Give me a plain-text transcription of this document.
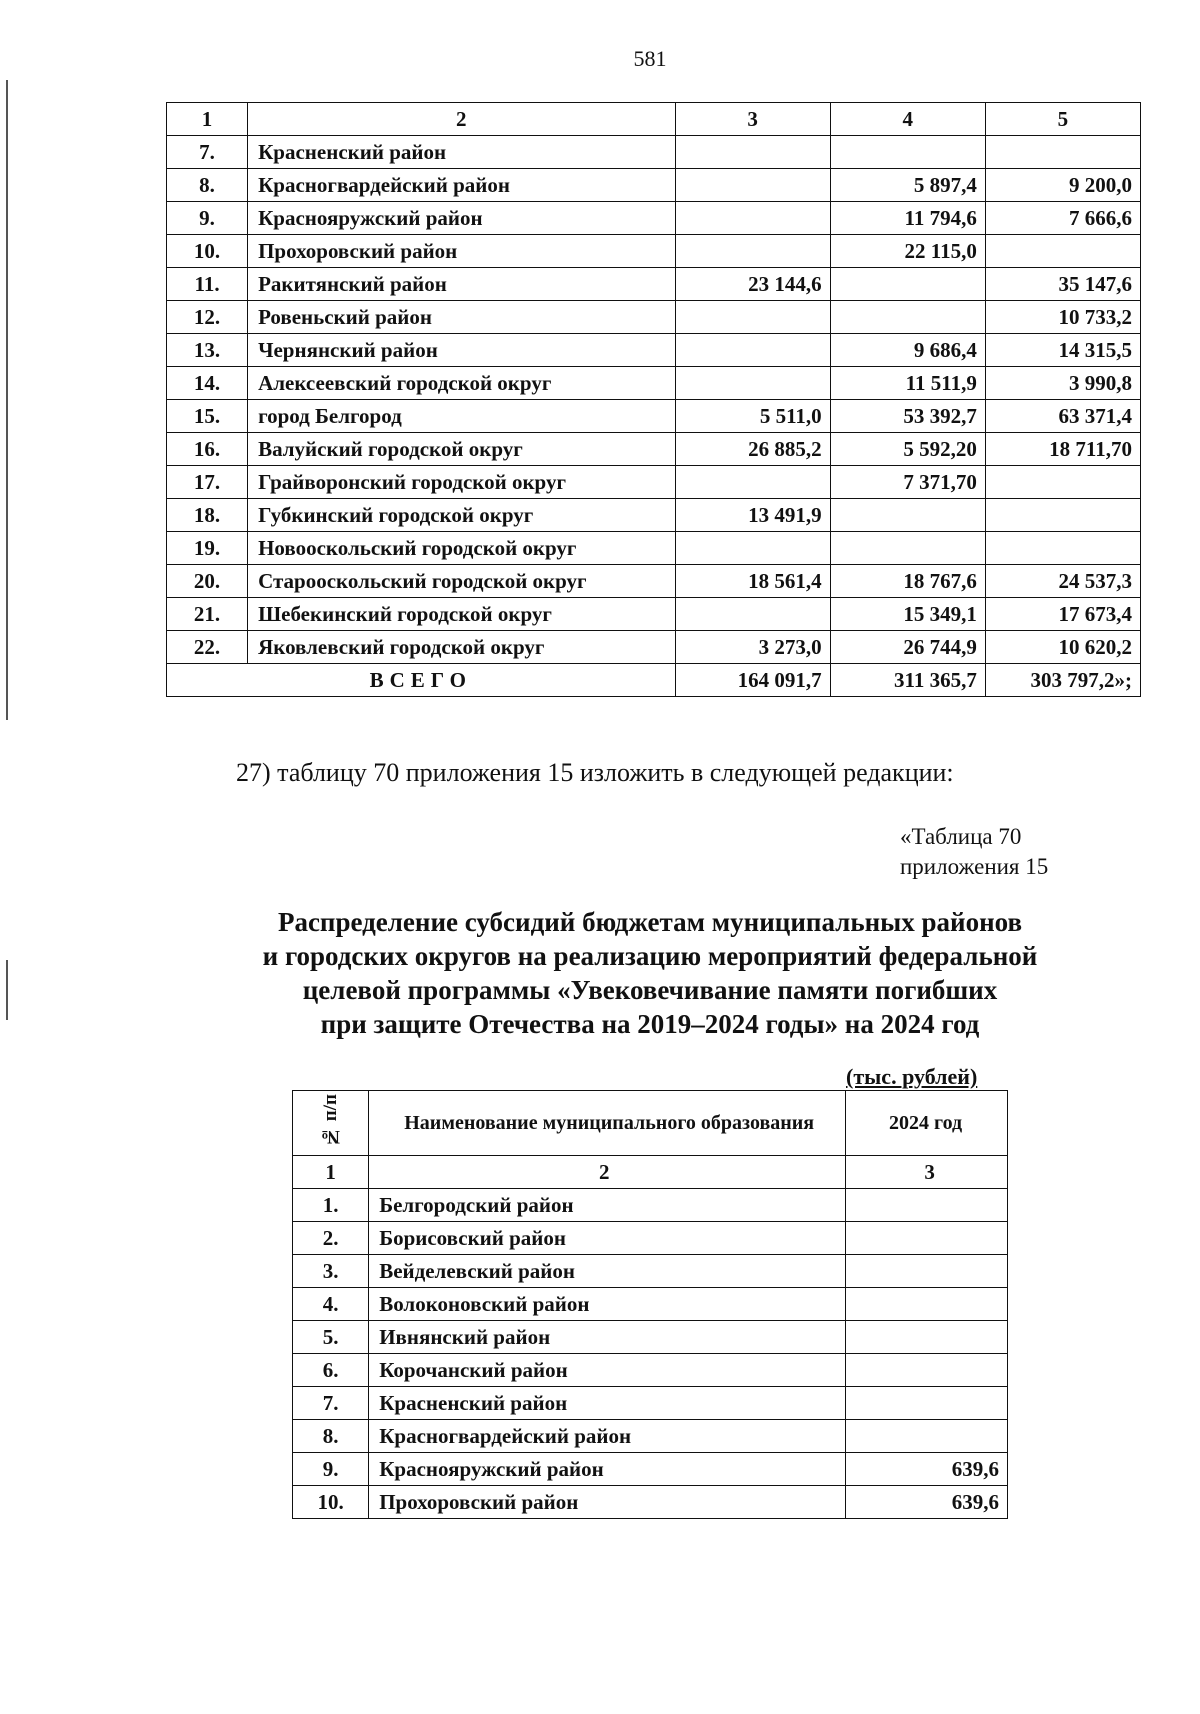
581
1	2	3	4	5
7.	Красненский район			
8.	Красногвардейский район		5 897,4	9 200,0
9.	Краснояружский район		11 794,6	7 666,6
10.	Прохоровский район		22 115,0	
11.	Ракитянский район	23 144,6		35 147,6
12.	Ровеньский район			10 733,2
13.	Чернянский район		9 686,4	14 315,5
14.	Алексеевский городской округ		11 511,9	3 990,8
15.	город Белгород	5 511,0	53 392,7	63 371,4
16.	Валуйский городской округ	26 885,2	5 592,20	18 711,70
17.	Грайворонский городской округ		7 371,70	
18.	Губкинский городской округ	13 491,9		
19.	Новооскольский городской округ			
20.	Старооскольский городской округ	18 561,4	18 767,6	24 537,3
21.	Шебекинский городской округ		15 349,1	17 673,4
22.	Яковлевский городской округ	3 273,0	26 744,9	10 620,2
ВСЕГО		164 091,7	311 365,7	303 797,2»;
27) таблицу 70 приложения 15 изложить в следующей редакции:
«Таблица 70
приложения 15
Распределение субсидий бюджетам муниципальных районов
и городских округов на реализацию мероприятий федеральной
целевой программы «Увековечивание памяти погибших
при защите Отечества на 2019–2024 годы» на 2024 год
(тыс. рублей)
№ п/п	Наименование муниципального образования	2024 год
1	2	3
1.	Белгородский район	
2.	Борисовский район	
3.	Вейделевский район	
4.	Волоконовский район	
5.	Ивнянский район	
6.	Корочанский район	
7.	Красненский район	
8.	Красногвардейский район	
9.	Краснояружский район	639,6
10.	Прохоровский район	639,6
